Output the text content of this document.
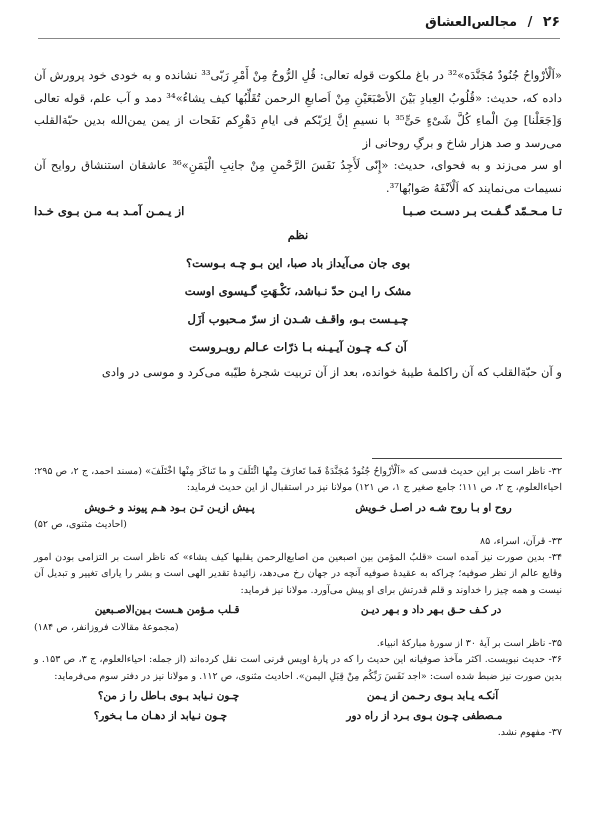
۲۶ / مجالس‌العشاق

«اَلْأرْواحُ جُنُودٌ مُجَنَّدَه»³² در باغ ملکوت قوله تعالی: قُلِ الرُّوحُ مِنْ أَمْرِ رَبّی³³ نشانده و به خودی خود پرورش آن داده که، حدیث: «قُلُوبُ العِبادِ بَیْنَ الأصْبَعَیْنِ مِنْ اَصابعِ الرحمن تُقَلِّبُها کیف یشاءُ»³⁴ دمد و آب علم، قوله تعالی وَ[جَعَلْنا] مِنَ الْماءِ کُلَّ شَیْءٍ حَیٍّ³⁵ با نسیمِ إنَّ لِرَبّکم فی ایامِ دَهْرِکم نَفَحات از یمن یمن‌الله بدین حبّة‌القلب می‌رسد و صد هزار شاخ و برگِ روحانی از

او سر می‌زند و به فحوای، حدیث: «إِنّی لَأَجِدُ نَفَسَ الرَّحْمنِ مِنْ جانِبِ الْیَمَنِ»³⁶ عاشقان استنشاق روایح آن نسیمات می‌نمایند که اَلْاَنْفَهُ صَوابُها³⁷.

تـا مـحـمّد گـفـت بـر دسـت صـبـا
از یـمـن آمـد بـه مـن بـوی خـدا
نظم
بوی جان می‌آیداز باد صبا، این بـو چـه بـوست؟
مشک را ایـن حدّ نـباشد، نَکْـهَتِ گـیسوی اوست
چـیـست بـو، واقـف شـدن از سرّ مـحبوب اَزَل
آن کـه چـون آیـیـنه بـا ذرّات عـالم روبـروست

و آن حبّة‌القلب که آن راکلمهٔ طیبهٔ خوانده، بعد از آن تربیت شجرهٔ طیّبه می‌کرد و موسی در وادی

۳۲- ناظر است بر این حدیث قدسی که «اَلْأرْواحُ جُنُودٌ مُجَنَّدَةٌ فَما تَعارَفَ مِنْها ائْتَلَفَ و ما تَناکَرَ مِنْها اخْتَلَفَ» (مسند احمد، ج ۲، ص ۲۹۵؛ احیاءالعلوم، ج ۲، ص ۱۱۱؛ جامع صغیر ج ۱، ص ۱۲۱) مولانا نیز در استقبال از این حدیث فرماید:

روح او بـا روح شـه در اصـل خـویش
پـیش ازیـن تـن بـود هـم پیوند و خـویش
(احادیث مثنوی، ص ۵۲)

۳۳- قرآن، اسراء، ۸۵

۳۴- بدین صورت نیز آمده است «قلبُ المؤمن بین اصبعین من اصابع‌الرحمن یقلبها کیف یشاء» که ناظر است بر التزامی بودن امور وقایع عالم از نظر صوفیه؛ چراکه به عقیدهٔ صوفیه آنچه در جهان رخ می‌دهد، زائیدهٔ تقدیر الهی است و بشر را یارای تغییر و تبدیل آن نیست و همه چیز را خداوند و قلم قدرتش برای او پیش می‌آورد. مولانا نیز فرماید:

در کـف حـق بـهر داد و بـهر دیـن
قـلب مـؤمن هـست بـین‌الاصـبعین
(مجموعهٔ مقالات فروزانفر، ص ۱۸۴)

۳۵- ناظر است بر آیهٔ ۳۰ از سورهٔ مبارکهٔ انبیاء.

۳۶- حدیث نبویست. اکثر مآخذ صوفیانه این حدیث را که در پارهٔ اویس قرنی است نقل کرده‌اند (از جمله: احیاءالعلوم، ج ۳، ص ۱۵۳. و بدین صورت نیز ضبط شده است: «اجد نَفَسَ رَبِّکُم مِنْ قِبَلِ الیمن». احادیث مثنوی، ص ۱۱۲. و مولانا نیز در دفتر سوم می‌فرماید:

آنکـه یـابد بـوی رحـمن از یـمن
چـون نـیابد بـوی بـاطل را ز من؟
مـصطفی چـون بـوی بـرد از راه دور
چـون نـیابد از دهـان مـا بـخور؟

۳۷- مفهوم نشد.
